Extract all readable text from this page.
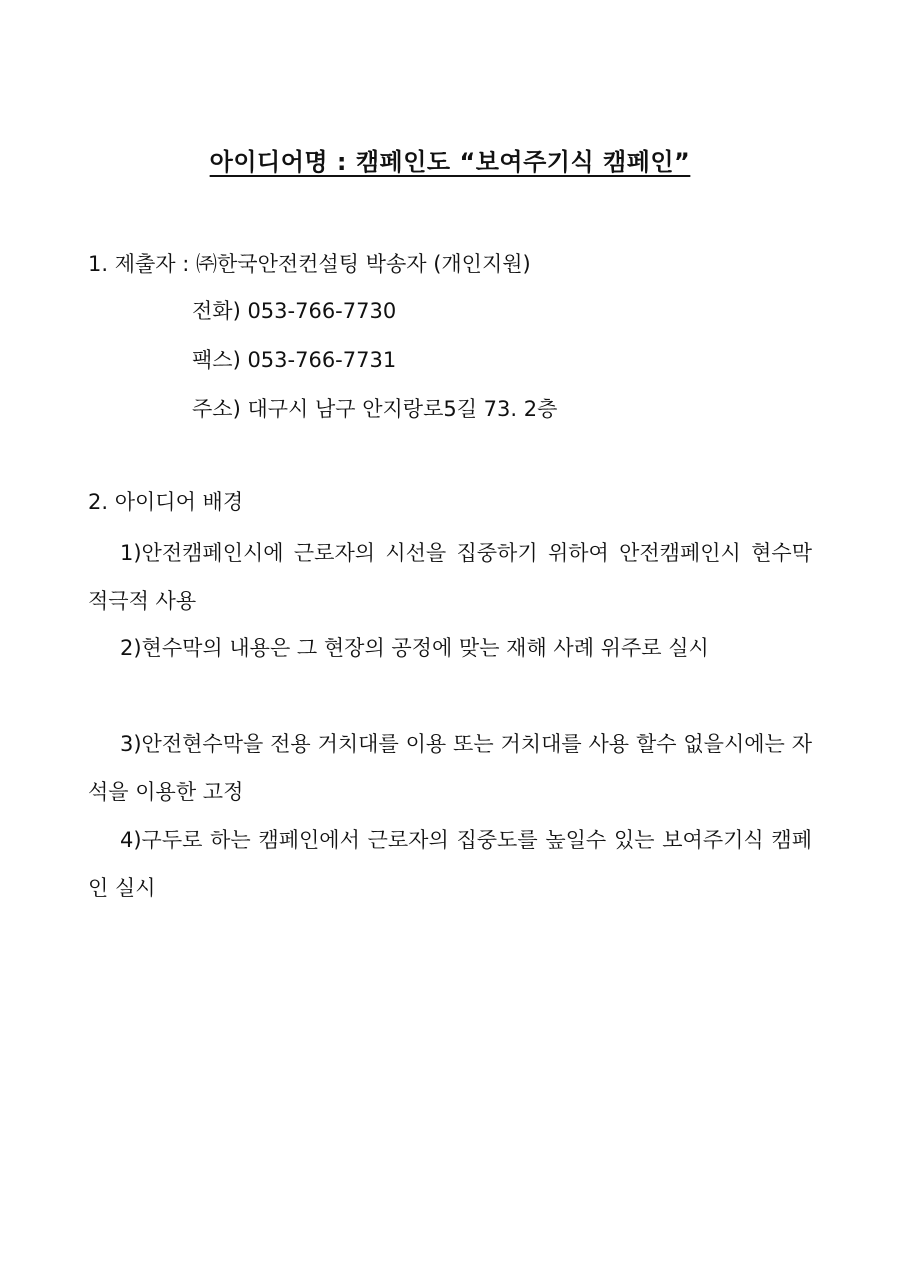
아이디어명 : 캠페인도 “보여주기식 캠페인”
1. 제출자 : ㈜한국안전컨설팅 박송자 (개인지원)
전화) 053-766-7730
팩스) 053-766-7731
주소) 대구시 남구 안지랑로5길 73. 2층
2. 아이디어 배경
1)안전캠페인시에 근로자의 시선을 집중하기 위하여 안전캠페인시 현수막 적극적 사용
2)현수막의 내용은 그 현장의 공정에 맞는 재해 사례 위주로 실시
3)안전현수막을 전용 거치대를 이용 또는 거치대를 사용 할수 없을시에는 자석을 이용한 고정
4)구두로 하는 캠페인에서 근로자의 집중도를 높일수 있는 보여주기식 캠페인 실시
